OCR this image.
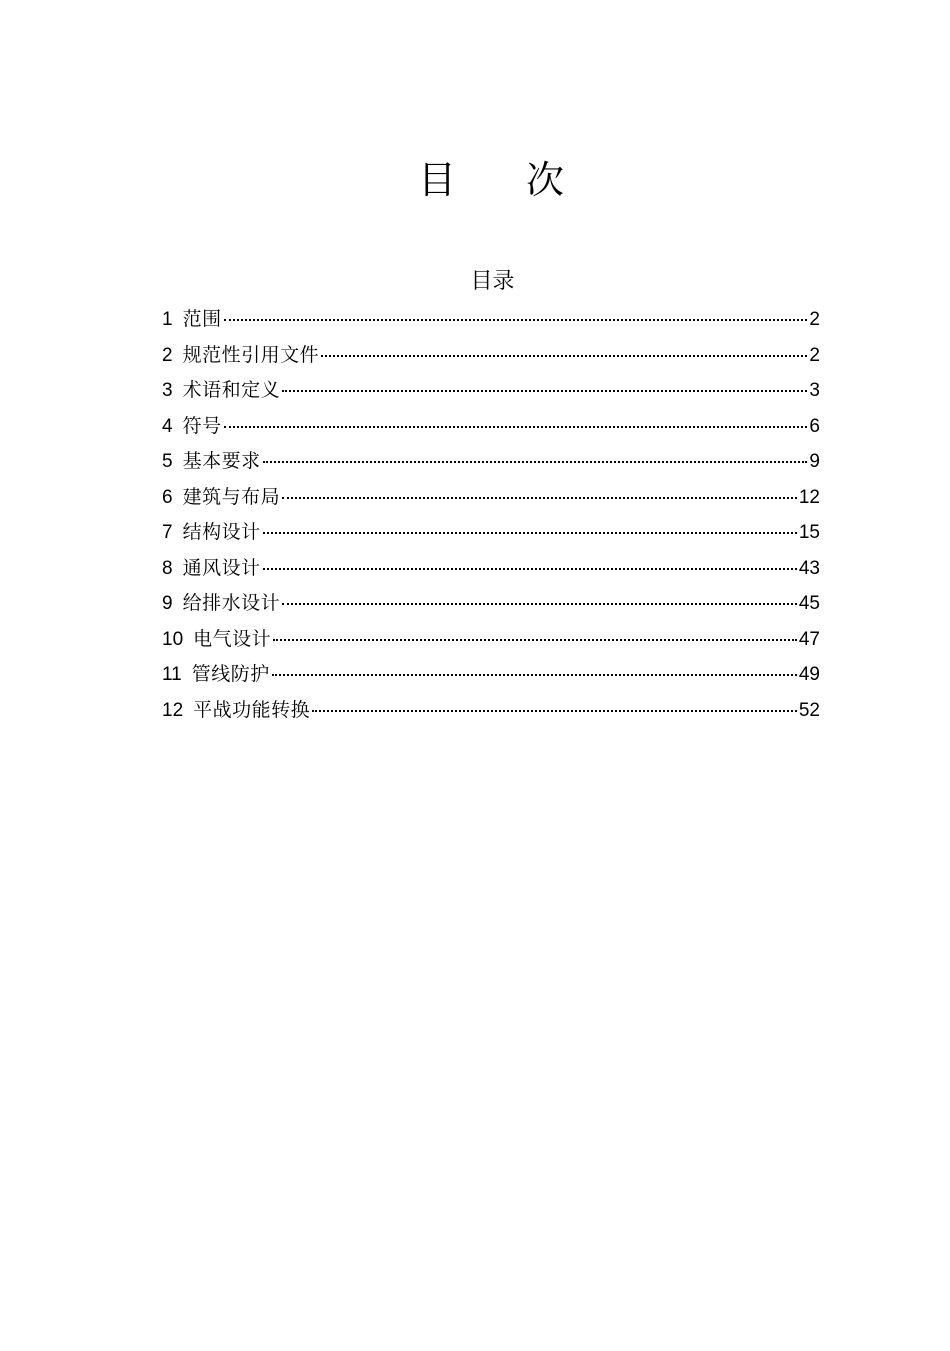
目 次
目录
1 范围	2
2 规范性引用文件	2
3 术语和定义	3
4 符号	6
5 基本要求	9
6 建筑与布局	12
7 结构设计	15
8 通风设计	43
9 给排水设计	45
10 电气设计	47
11 管线防护	49
12 平战功能转换	52
